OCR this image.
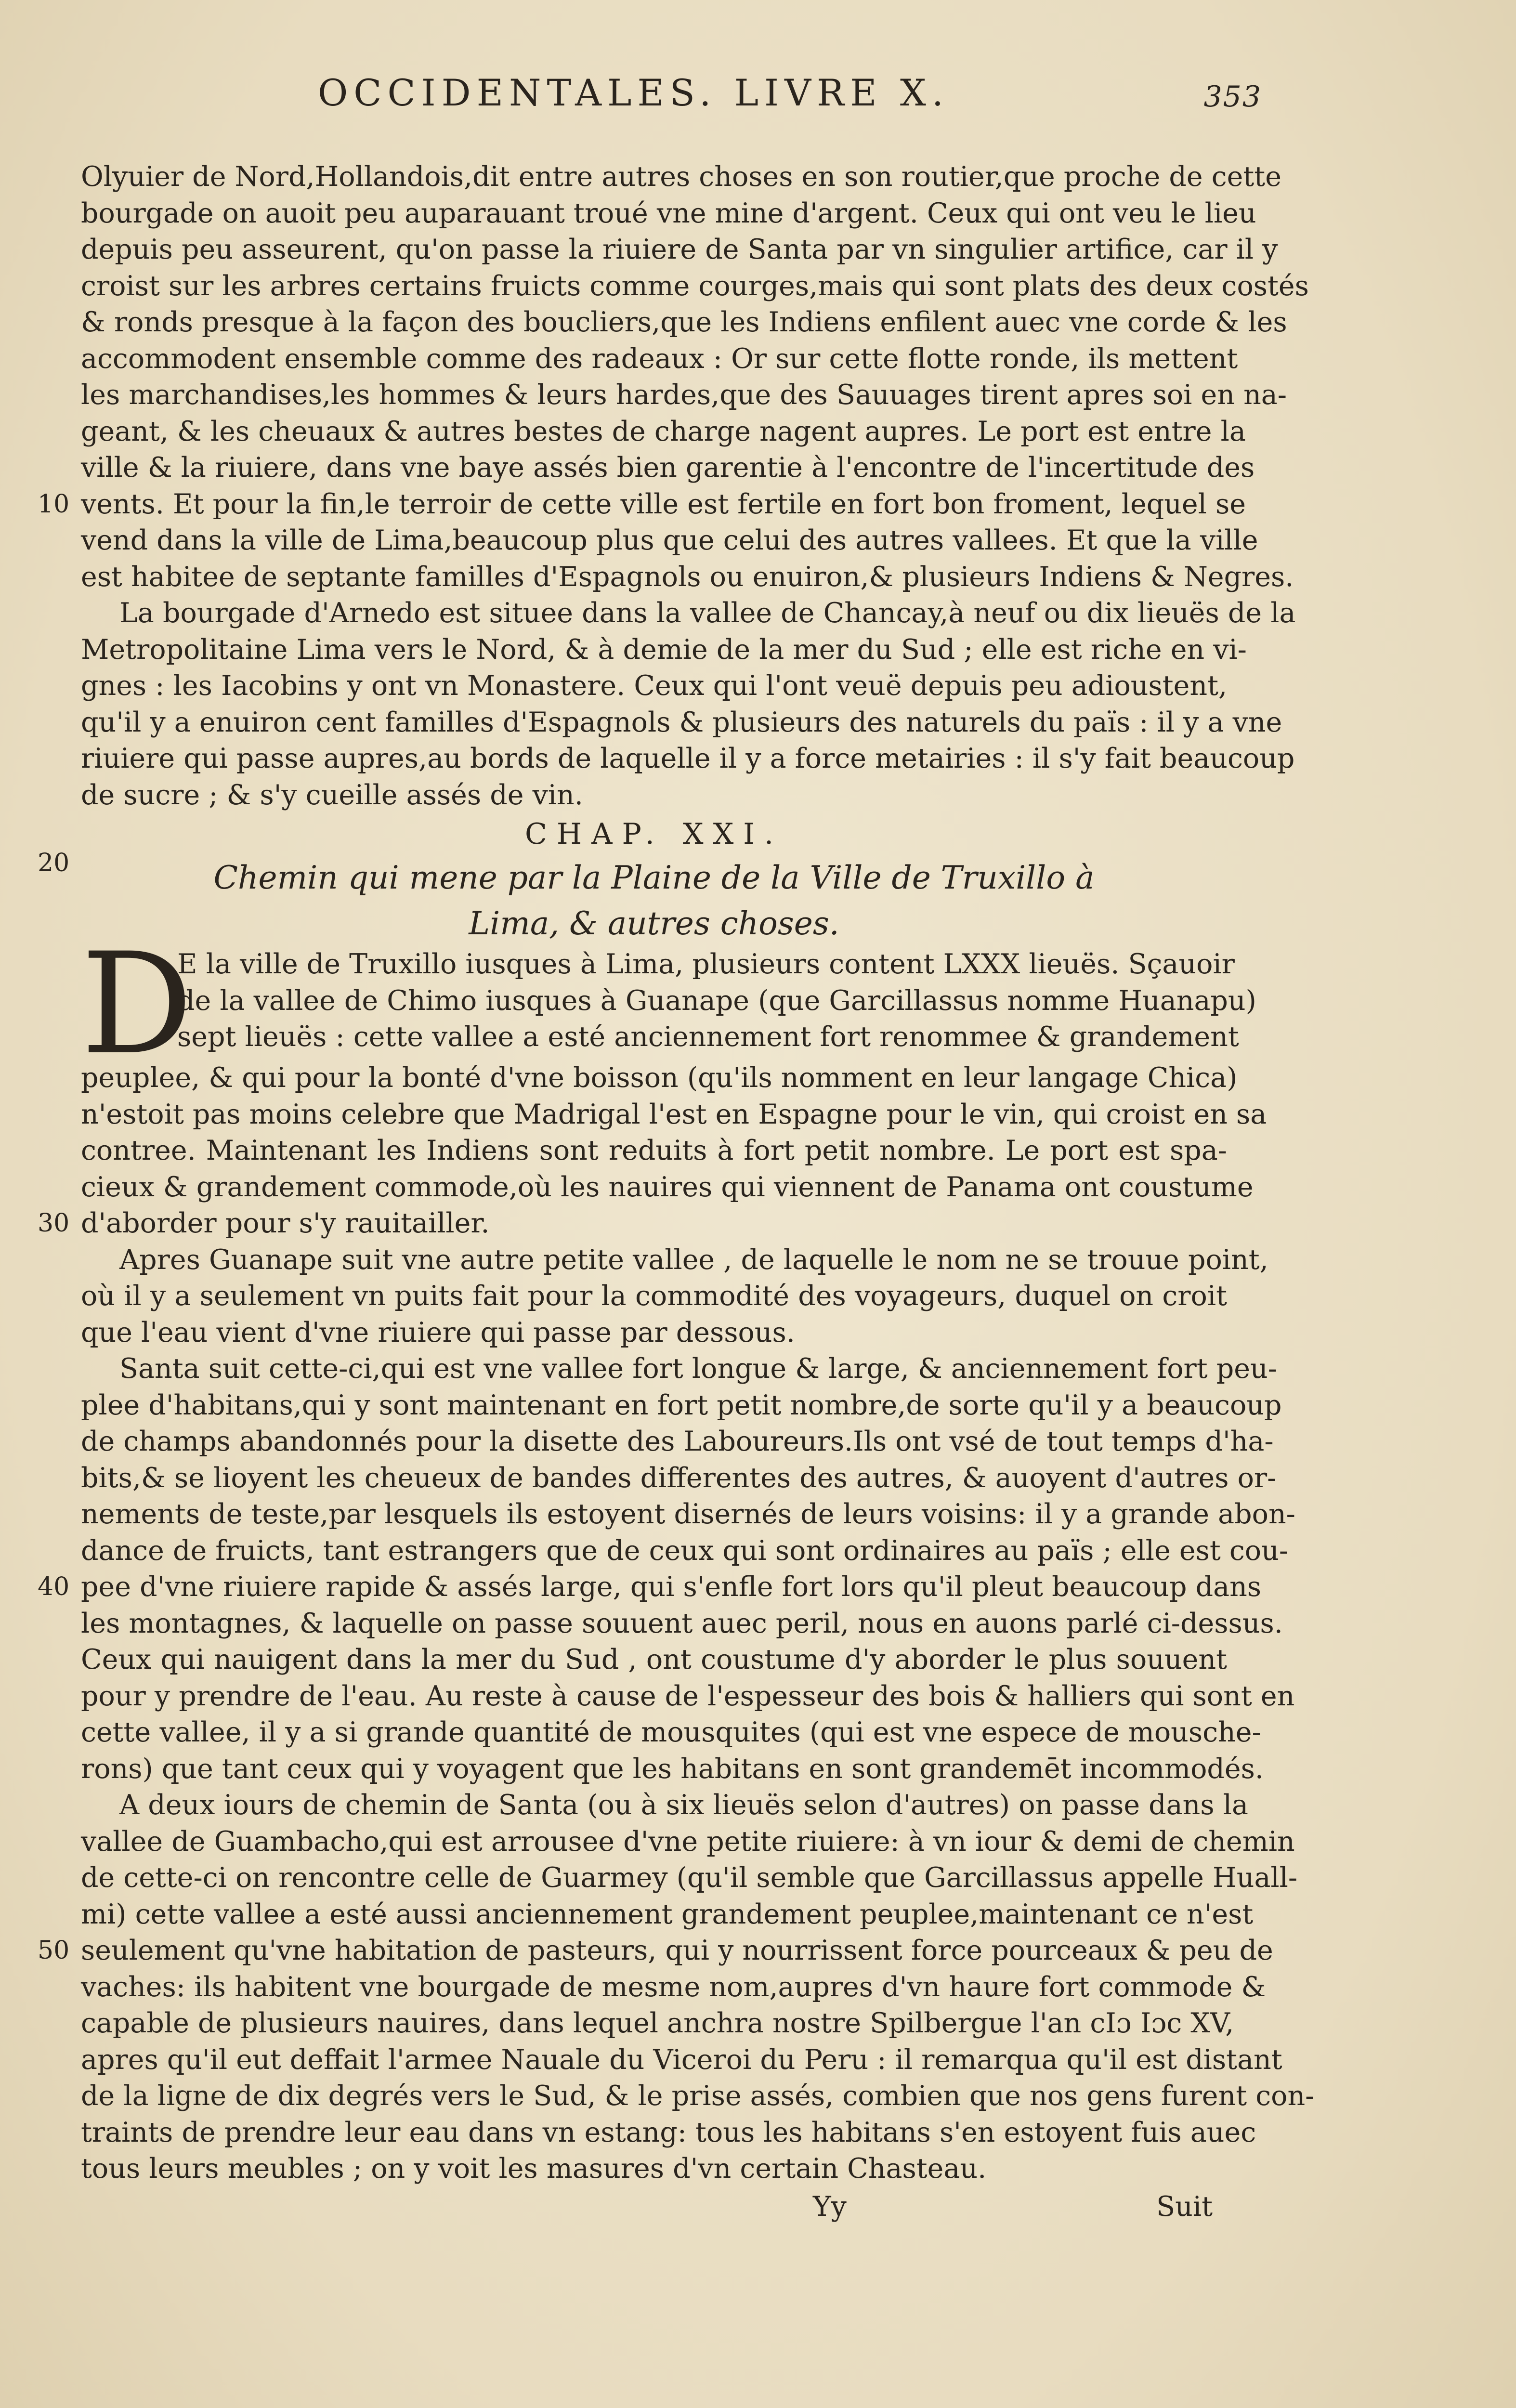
OCCIDENTALES. LIVRE X.	353
Olyuier de Nord,Hollandois,dit entre autres choses en son routier,que proche de cette
bourgade on auoit peu auparauant troué vne mine d'argent. Ceux qui ont veu le lieu
depuis peu asseurent, qu'on passe la riuiere de Santa par vn singulier artifice, car il y
croist sur les arbres certains fruicts comme courges,mais qui sont plats des deux costés
& ronds presque à la façon des boucliers,que les Indiens enfilent auec vne corde & les
accommodent ensemble comme des radeaux : Or sur cette flotte ronde, ils mettent
les marchandises,les hommes & leurs hardes,que des Sauuages tirent apres soi en na-
geant, & les cheuaux & autres bestes de charge nagent aupres. Le port est entre la
ville & la riuiere, dans vne baye assés bien garentie à l'encontre de l'incertitude des
10 vents. Et pour la fin,le terroir de cette ville est fertile en fort bon froment, lequel se
vend dans la ville de Lima,beaucoup plus que celui des autres vallees. Et que la ville
est habitee de septante familles d'Espagnols ou enuiron,& plusieurs Indiens & Negres.
La bourgade d'Arnedo est situee dans la vallee de Chancay,à neuf ou dix lieuës de la
Metropolitaine Lima vers le Nord, & à demie de la mer du Sud ; elle est riche en vi-
gnes : les Iacobins y ont vn Monastere. Ceux qui l'ont veuë depuis peu adioustent,
qu'il y a enuiron cent familles d'Espagnols & plusieurs des naturels du païs : il y a vne
riuiere qui passe aupres,au bords de laquelle il y a force metairies : il s'y fait beaucoup
de sucre ; & s'y cueille assés de vin.
CHAP. XXI.
20	Chemin qui mene par la Plaine de la Ville de Truxillo à
Lima, & autres choses.
D
E la ville de Truxillo iusques à Lima, plusieurs content LXXX lieuës. Sçauoir
de la vallee de Chimo iusques à Guanape (que Garcillassus nomme Huanapu)
sept lieuës : cette vallee a esté anciennement fort renommee & grandement
peuplee, & qui pour la bonté d'vne boisson (qu'ils nomment en leur langage Chica)
n'estoit pas moins celebre que Madrigal l'est en Espagne pour le vin, qui croist en sa
contree. Maintenant les Indiens sont reduits à fort petit nombre. Le port est spa-
cieux & grandement commode,où les nauires qui viennent de Panama ont coustume
30 d'aborder pour s'y rauitailler.
Apres Guanape suit vne autre petite vallee , de laquelle le nom ne se trouue point,
où il y a seulement vn puits fait pour la commodité des voyageurs, duquel on croit
que l'eau vient d'vne riuiere qui passe par dessous.
Santa suit cette-ci,qui est vne vallee fort longue & large, & anciennement fort peu-
plee d'habitans,qui y sont maintenant en fort petit nombre,de sorte qu'il y a beaucoup
de champs abandonnés pour la disette des Laboureurs.Ils ont vsé de tout temps d'ha-
bits,& se lioyent les cheueux de bandes differentes des autres, & auoyent d'autres or-
nements de teste,par lesquels ils estoyent disernés de leurs voisins: il y a grande abon-
dance de fruicts, tant estrangers que de ceux qui sont ordinaires au païs ; elle est cou-
40 pee d'vne riuiere rapide & assés large, qui s'enfle fort lors qu'il pleut beaucoup dans
les montagnes, & laquelle on passe souuent auec peril, nous en auons parlé ci-dessus.
Ceux qui nauigent dans la mer du Sud , ont coustume d'y aborder le plus souuent
pour y prendre de l'eau. Au reste à cause de l'espesseur des bois & halliers qui sont en
cette vallee, il y a si grande quantité de mousquites (qui est vne espece de mousche-
rons) que tant ceux qui y voyagent que les habitans en sont grandemēt incommodés.
A deux iours de chemin de Santa (ou à six lieuës selon d'autres) on passe dans la
vallee de Guambacho,qui est arrousee d'vne petite riuiere: à vn iour & demi de chemin
de cette-ci on rencontre celle de Guarmey (qu'il semble que Garcillassus appelle Huall-
mi) cette vallee a esté aussi anciennement grandement peuplee,maintenant ce n'est
50 seulement qu'vne habitation de pasteurs, qui y nourrissent force pourceaux & peu de
vaches: ils habitent vne bourgade de mesme nom,aupres d'vn haure fort commode &
capable de plusieurs nauires, dans lequel anchra nostre Spilbergue l'an cIɔ Iɔc XV,
apres qu'il eut deffait l'armee Nauale du Viceroi du Peru : il remarqua qu'il est distant
de la ligne de dix degrés vers le Sud, & le prise assés, combien que nos gens furent con-
traints de prendre leur eau dans vn estang: tous les habitans s'en estoyent fuis auec
tous leurs meubles ; on y voit les masures d'vn certain Chasteau.
Yy	Suit
